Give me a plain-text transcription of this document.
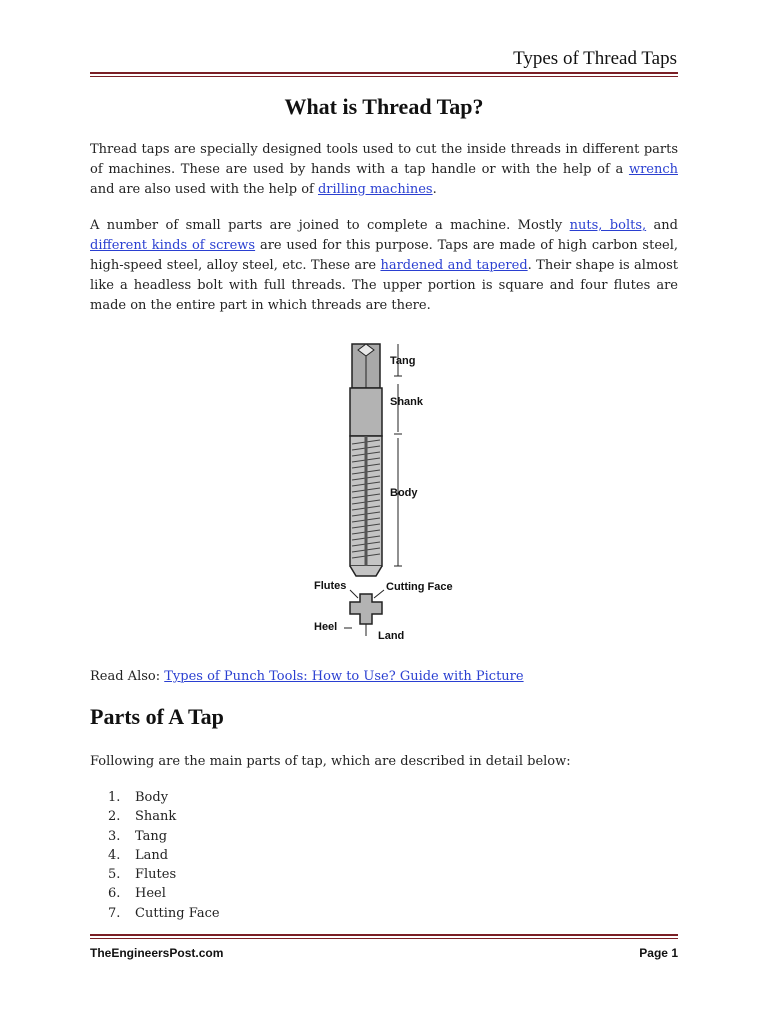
Types of Thread Taps
What is Thread Tap?

Thread taps are specially designed tools used to cut the inside threads in different parts of machines. These are used by hands with a tap handle or with the help of a wrench and are also used with the help of drilling machines.

A number of small parts are joined to complete a machine. Mostly nuts, bolts, and different kinds of screws are used for this purpose. Taps are made of high carbon steel, high-speed steel, alloy steel, etc. These are hardened and tapered. Their shape is almost like a headless bolt with full threads. The upper portion is square and four flutes are made on the entire part in which threads are there.

Tang
Shank
Body
Flutes	Cutting Face
Heel
Land

Read Also: Types of Punch Tools: How to Use? Guide with Picture

Parts of A Tap

Following are the main parts of tap, which are described in detail below:

1. Body
2. Shank
3. Tang
4. Land
5. Flutes
6. Heel
7. Cutting Face
TheEngineersPost.com	Page 1
